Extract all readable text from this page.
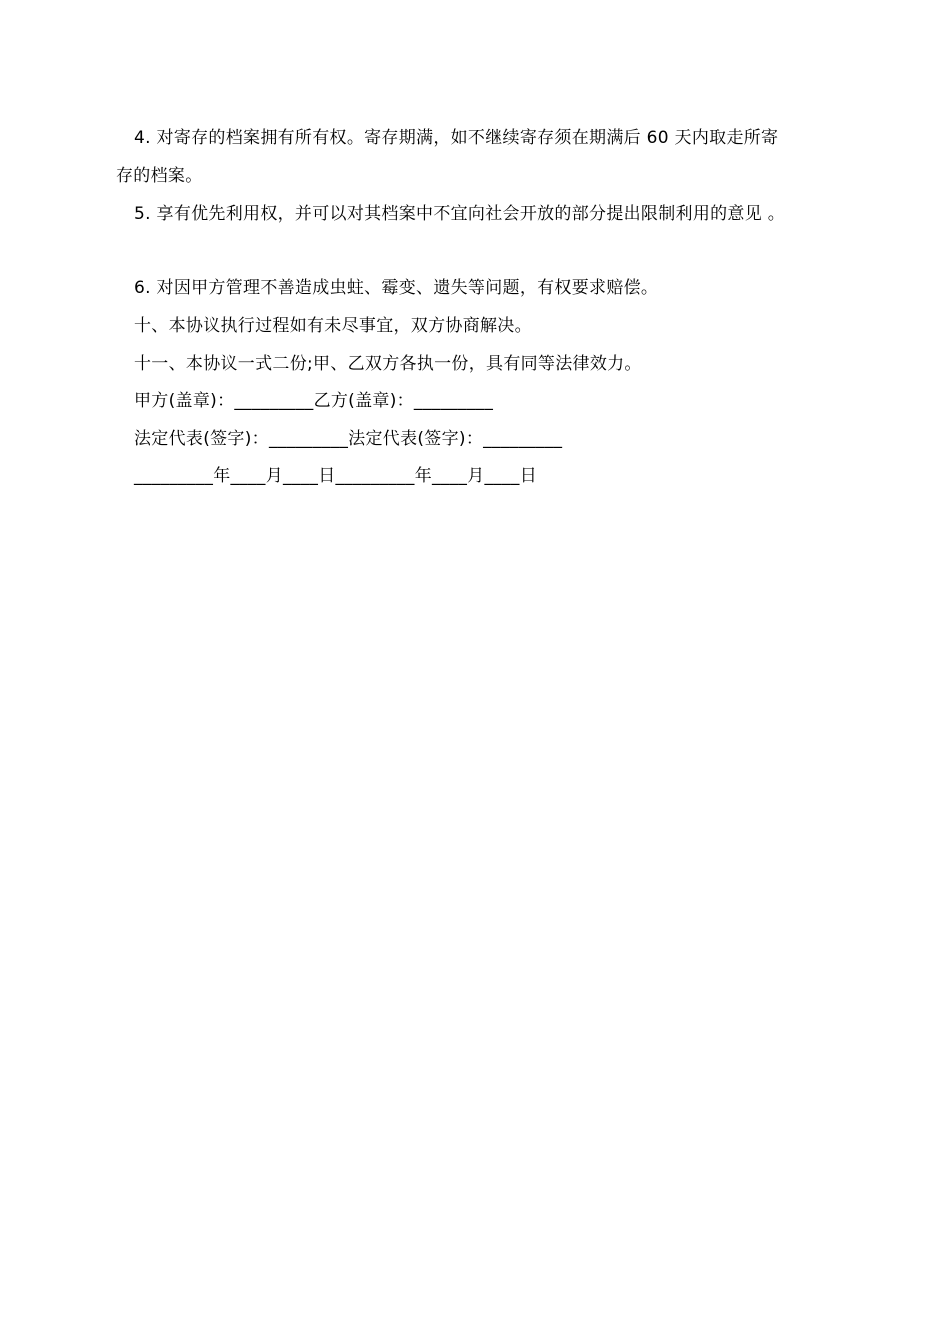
4. 对寄存的档案拥有所有权。寄存期满，如不继续寄存须在期满后 60 天内取走所寄
存的档案。
5. 享有优先利用权，并可以对其档案中不宜向社会开放的部分提出限制利用的意见 。
6. 对因甲方管理不善造成虫蛀、霉变、遗失等问题，有权要求赔偿。
十、本协议执行过程如有未尽事宜，双方协商解决。
十一、本协议一式二份;甲、乙双方各执一份，具有同等法律效力。
甲方(盖章)：_________乙方(盖章)：_________
法定代表(签字)：_________法定代表(签字)：_________
_________年____月____日_________年____月____日
